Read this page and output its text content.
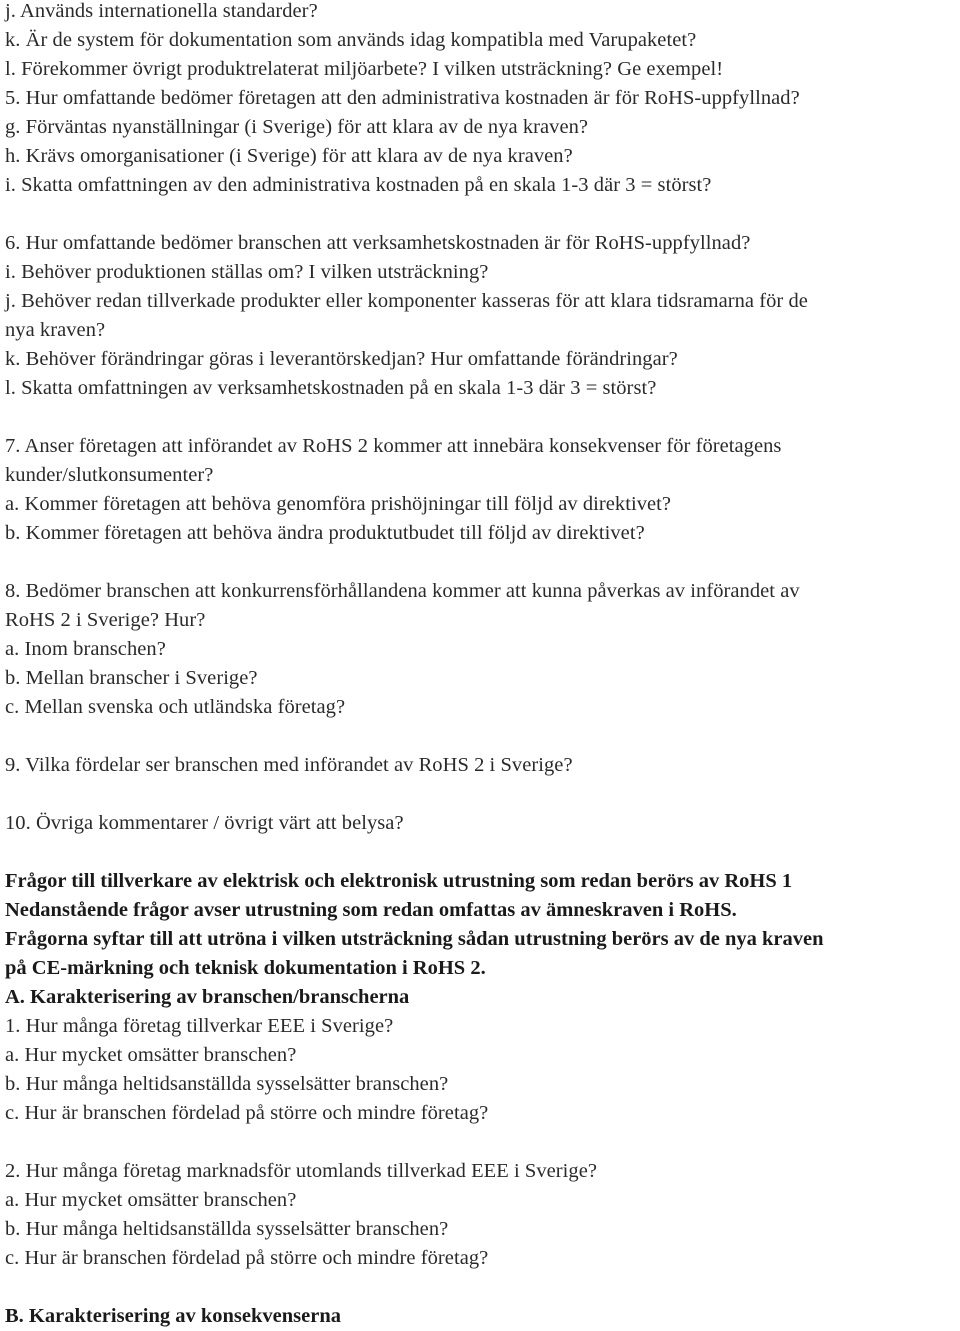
j. Används internationella standarder?
k. Är de system för dokumentation som används idag kompatibla med Varupaketet?
l. Förekommer övrigt produktrelaterat miljöarbete? I vilken utsträckning? Ge exempel!
5. Hur omfattande bedömer företagen att den administrativa kostnaden är för RoHS-uppfyllnad?
g. Förväntas nyanställningar (i Sverige) för att klara av de nya kraven?
h. Krävs omorganisationer (i Sverige) för att klara av de nya kraven?
i. Skatta omfattningen av den administrativa kostnaden på en skala 1-3 där 3 = störst?
6. Hur omfattande bedömer branschen att verksamhetskostnaden är för RoHS-uppfyllnad?
i. Behöver produktionen ställas om? I vilken utsträckning?
j. Behöver redan tillverkade produkter eller komponenter kasseras för att klara tidsramarna för de
nya kraven?
k. Behöver förändringar göras i leverantörskedjan? Hur omfattande förändringar?
l. Skatta omfattningen av verksamhetskostnaden på en skala 1-3 där 3 = störst?
7. Anser företagen att införandet av RoHS 2 kommer att innebära konsekvenser för företagens
kunder/slutkonsumenter?
a. Kommer företagen att behöva genomföra prishöjningar till följd av direktivet?
b. Kommer företagen att behöva ändra produktutbudet till följd av direktivet?
8. Bedömer branschen att konkurrensförhållandena kommer att kunna påverkas av införandet av
RoHS 2 i Sverige? Hur?
a. Inom branschen?
b. Mellan branscher i Sverige?
c. Mellan svenska och utländska företag?
9. Vilka fördelar ser branschen med införandet av RoHS 2 i Sverige?
10. Övriga kommentarer / övrigt värt att belysa?
Frågor till tillverkare av elektrisk och elektronisk utrustning som redan berörs av RoHS 1
Nedanstående frågor avser utrustning som redan omfattas av ämneskraven i RoHS.
Frågorna syftar till att utröna i vilken utsträckning sådan utrustning berörs av de nya kraven
på CE-märkning och teknisk dokumentation i RoHS 2.
A. Karakterisering av branschen/branscherna
1. Hur många företag tillverkar EEE i Sverige?
a. Hur mycket omsätter branschen?
b. Hur många heltidsanställda sysselsätter branschen?
c. Hur är branschen fördelad på större och mindre företag?
2. Hur många företag marknadsför utomlands tillverkad EEE i Sverige?
a. Hur mycket omsätter branschen?
b. Hur många heltidsanställda sysselsätter branschen?
c. Hur är branschen fördelad på större och mindre företag?
B. Karakterisering av konsekvenserna
